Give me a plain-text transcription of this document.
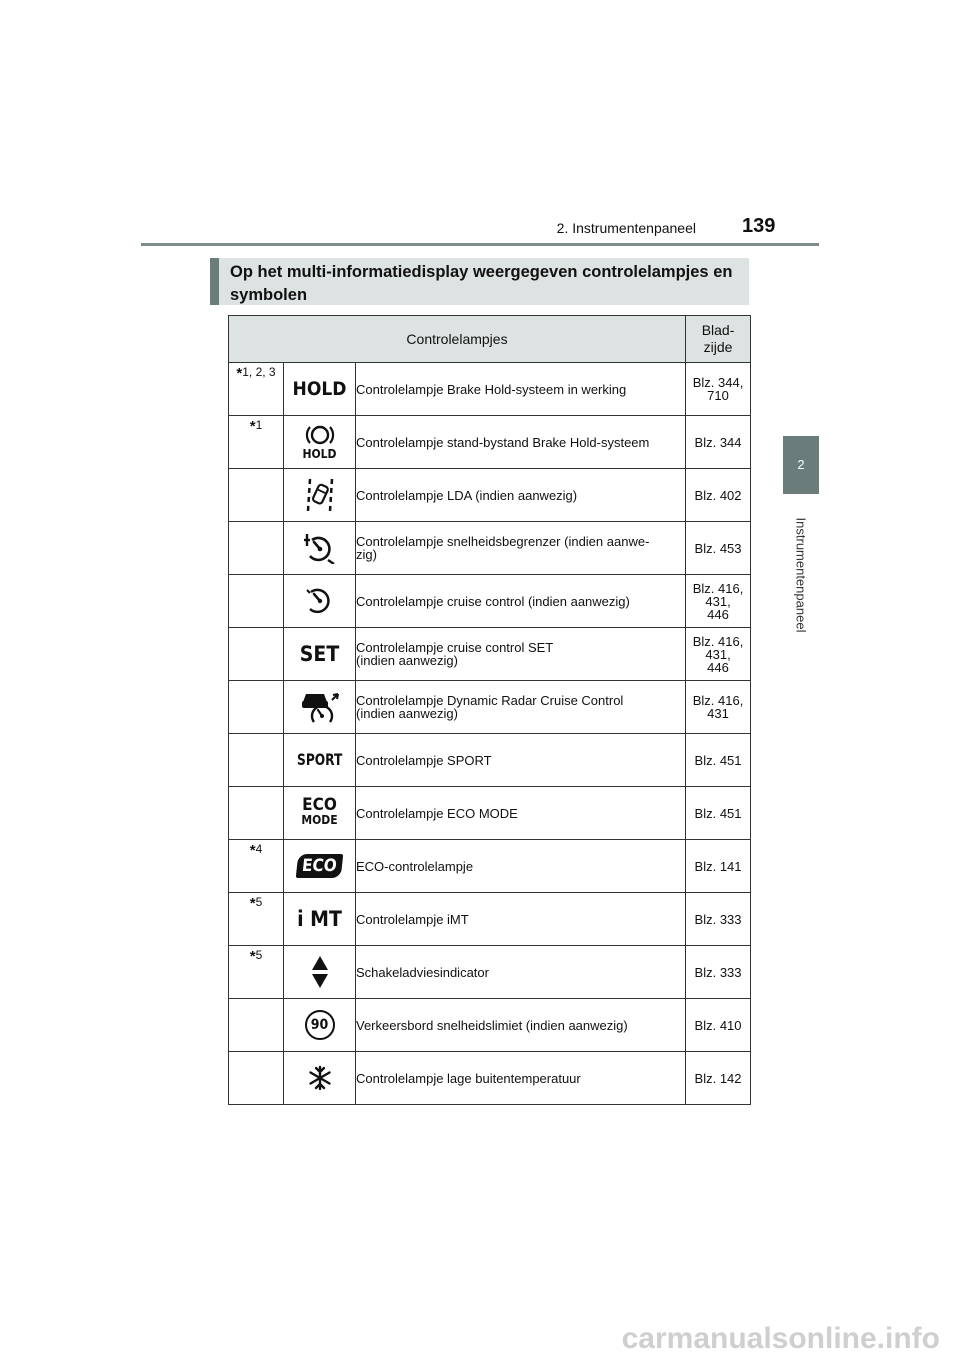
2. Instrumentenpaneel 139
2
Instrumentenpaneel
Op het multi-informatiedisplay weergegeven controlelampjes en symbolen
Controlelampjes			Blad-
zijde
*1, 2, 3	HOLD	Controlelampje Brake Hold-systeem in werking	Blz. 344,
710
*1	HOLD	Controlelampje stand-bystand Brake Hold-systeem	Blz. 344

	Controlelampje LDA (indien aanwezig)	Blz. 402

	Controlelampje snelheidsbegrenzer (indien aanwe-
zig)	Blz. 453

	Controlelampje cruise control (indien aanwezig)	Blz. 416,
431,
446
	SET	Controlelampje cruise control SET
(indien aanwezig)	Blz. 416,
431,
446

	Controlelampje Dynamic Radar Cruise Control
(indien aanwezig)	Blz. 416,
431
	SPORT	Controlelampje SPORT	Blz. 451

	ECO
MODE	Controlelampje ECO MODE	Blz. 451
*4	ECO	ECO-controlelampje	Blz. 141
*5	i MT	Controlelampje iMT	Blz. 333
*5		Schakeladviesindicator	Blz. 333
	90	Verkeersbord snelheidslimiet (indien aanwezig)	Blz. 410

	Controlelampje lage buitentemperatuur	Blz. 142
carmanualsonline.info
